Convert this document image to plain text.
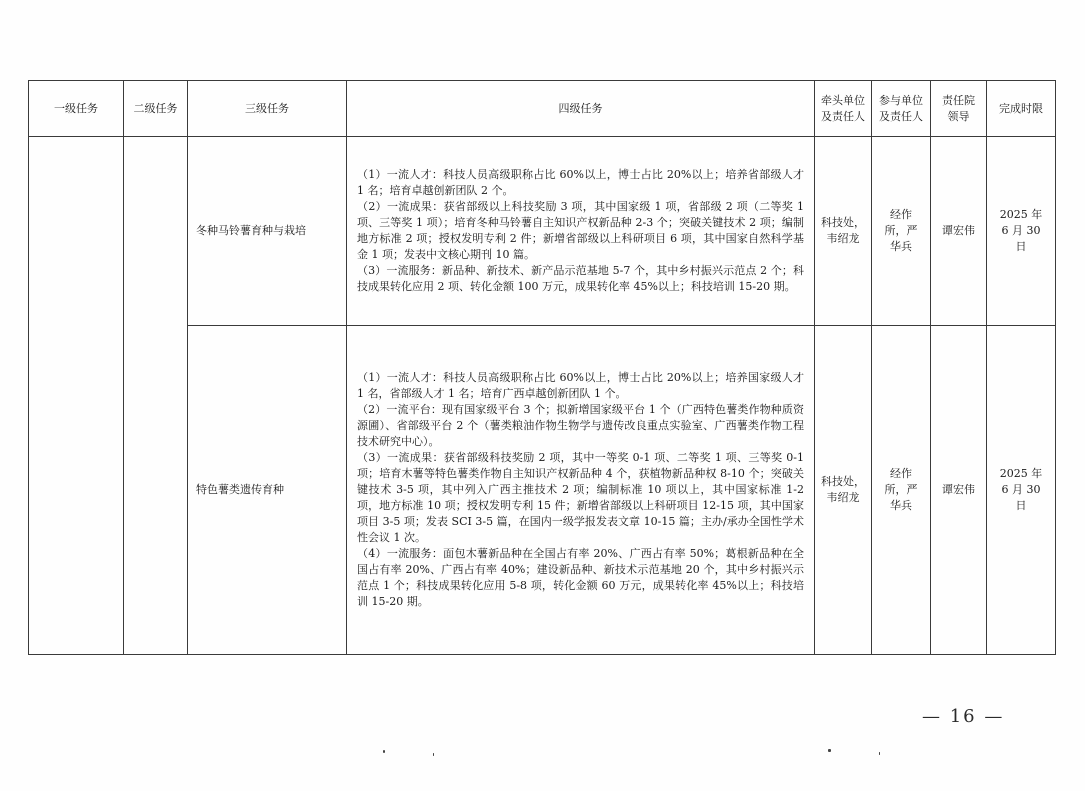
一级任务	二级任务	三级任务	四级任务	牵头单位及责任人	参与单位及责任人	责任院领导	完成时限
		冬种马铃薯育种与栽培	（1）一流人才：科技人员高级职称占比 60%以上，博士占比 20%以上；培养省部级人才 1 名；培育卓越创新团队 2 个。

（2）一流成果：获省部级以上科技奖励 3 项，其中国家级 1 项，省部级 2 项（二等奖 1 项、三等奖 1 项）；培育冬种马铃薯自主知识产权新品种 2-3 个；突破关键技术 2 项；编制地方标准 2 项；授权发明专利 2 件；新增省部级以上科研项目 6 项，其中国家自然科学基金 1 项；发表中文核心期刊 10 篇。

（3）一流服务：新品种、新技术、新产品示范基地 5-7 个，其中乡村振兴示范点 2 个；科技成果转化应用 2 项、转化金额 100 万元，成果转化率 45%以上；科技培训 15-20 期。	科技处，韦绍龙	经作所，严华兵	谭宏伟	2025 年 6 月 30 日
		特色薯类遗传育种	（1）一流人才：科技人员高级职称占比 60%以上，博士占比 20%以上；培养国家级人才 1 名，省部级人才 1 名；培育广西卓越创新团队 1 个。

（2）一流平台：现有国家级平台 3 个；拟新增国家级平台 1 个（广西特色薯类作物种质资源圃）、省部级平台 2 个（薯类粮油作物生物学与遗传改良重点实验室、广西薯类作物工程技术研究中心）。

（3）一流成果：获省部级科技奖励 2 项，其中一等奖 0-1 项、二等奖 1 项、三等奖 0-1 项；培育木薯等特色薯类作物自主知识产权新品种 4 个，获植物新品种权 8-10 个；突破关键技术 3-5 项，其中列入广西主推技术 2 项；编制标准 10 项以上，其中国家标准 1-2 项，地方标准 10 项；授权发明专利 15 件；新增省部级以上科研项目 12-15 项，其中国家项目 3-5 项；发表 SCI 3-5 篇，在国内一级学报发表文章 10-15 篇；主办/承办全国性学术性会议 1 次。

（4）一流服务：面包木薯新品种在全国占有率 20%、广西占有率 50%；葛根新品种在全国占有率 20%、广西占有率 40%；建设新品种、新技术示范基地 20 个，其中乡村振兴示范点 1 个；科技成果转化应用 5-8 项，转化金额 60 万元，成果转化率 45%以上；科技培训 15-20 期。	科技处，韦绍龙	经作所，严华兵	谭宏伟	2025 年 6 月 30 日
— 16 —
